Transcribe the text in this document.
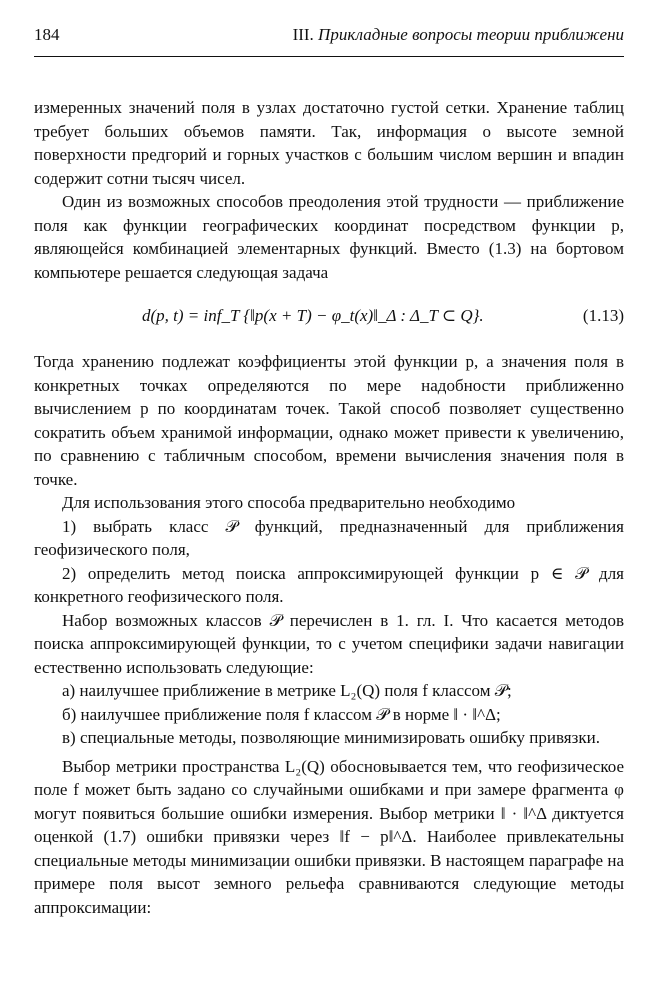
184	III. Прикладные вопросы теории приближени

измеренных значений поля в узлах достаточно густой сетки. Хранение таблиц требует больших объемов памяти. Так, информация о высоте земной поверхности предгорий и горных участков с большим числом вершин и впадин содержит сотни тысяч чисел.

Один из возможных способов преодоления этой трудности — приближение поля как функции географических координат посредством функции p, являющейся комбинацией элементарных функций. Вместо (1.3) на бортовом компьютере решается следующая задача

d(p, t) = inf_T {‖p(x + T) − φ_t(x)‖_Δ : Δ_T ⊂ Q}.	(1.13)

Тогда хранению подлежат коэффициенты этой функции p, а значения поля в конкретных точках определяются по мере надобности приближенно вычислением p по координатам точек. Такой способ позволяет существенно сократить объем хранимой информации, однако может привести к увеличению, по сравнению с табличным способом, времени вычисления значения поля в точке.

Для использования этого способа предварительно необходимо

1) выбрать класс 𝒫 функций, предназначенный для приближения геофизического поля,

2) определить метод поиска аппроксимирующей функции p ∈ 𝒫 для конкретного геофизического поля.

Набор возможных классов 𝒫 перечислен в 1. гл. I. Что касается методов поиска аппроксимирующей функции, то с учетом специфики задачи навигации естественно использовать следующие:

а) наилучшее приближение в метрике L₂(Q) поля f классом 𝒫;

б) наилучшее приближение поля f классом 𝒫 в норме ‖ · ‖^Δ;

в) специальные методы, позволяющие минимизировать ошибку привязки.

Выбор метрики пространства L₂(Q) обосновывается тем, что геофизическое поле f может быть задано со случайными ошибками и при замере фрагмента φ могут появиться большие ошибки измерения. Выбор метрики ‖ · ‖^Δ диктуется оценкой (1.7) ошибки привязки через ‖f − p‖^Δ. Наиболее привлекательны специальные методы минимизации ошибки привязки. В настоящем параграфе на примере поля высот земного рельефа сравниваются следующие методы аппроксимации:
